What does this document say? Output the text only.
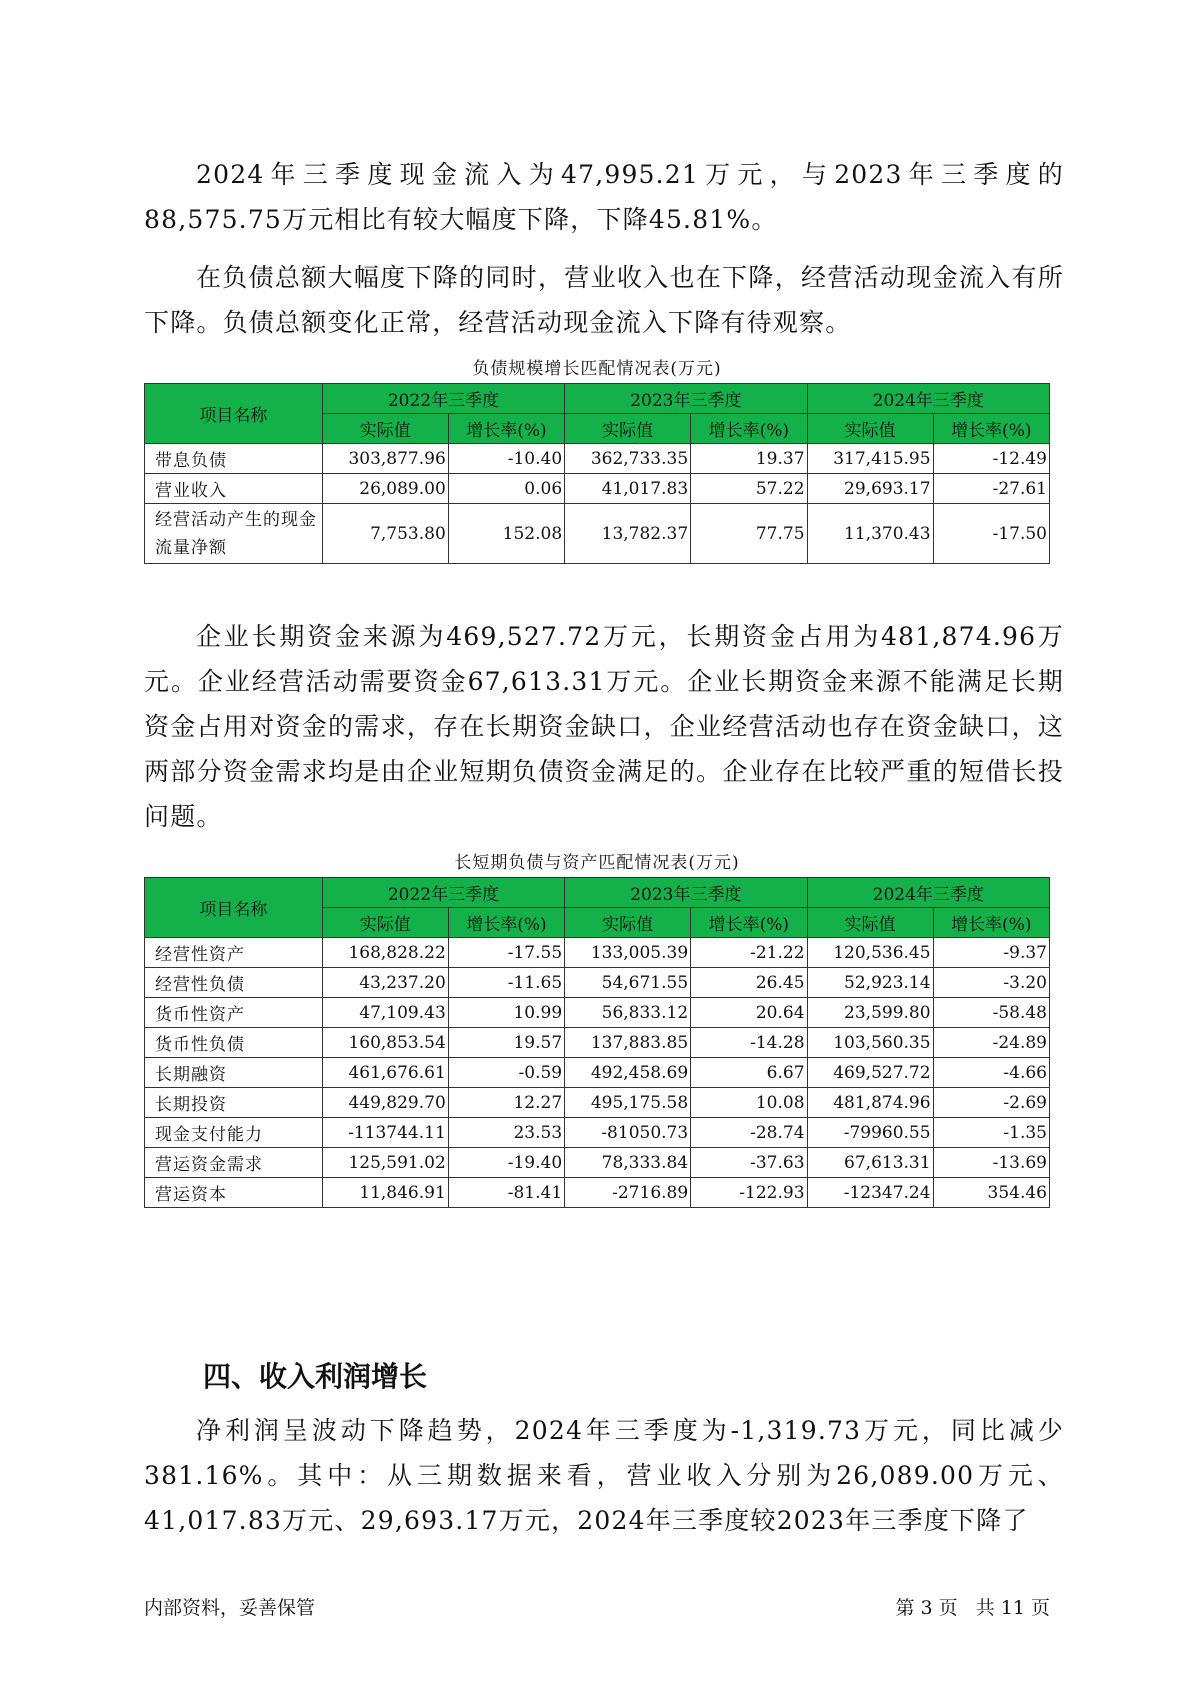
2024年三季度现金流入为47,995.21万元，与2023年三季度的88,575.75万元相比有较大幅度下降，下降45.81%。

在负债总额大幅度下降的同时，营业收入也在下降，经营活动现金流入有所下降。负债总额变化正常，经营活动现金流入下降有待观察。

负债规模增长匹配情况表(万元)
项目名称	2022年三季度		2023年三季度		2024年三季度	
	实际值	增长率(%)	实际值	增长率(%)	实际值	增长率(%)
带息负债	303,877.96	-10.40	362,733.35	19.37	317,415.95	-12.49
营业收入	26,089.00	0.06	41,017.83	57.22	29,693.17	-27.61
经营活动产生的现金流量净额	7,753.80	152.08	13,782.37	77.75	11,370.43	-17.50

企业长期资金来源为469,527.72万元，长期资金占用为481,874.96万元。企业经营活动需要资金67,613.31万元。企业长期资金来源不能满足长期资金占用对资金的需求，存在长期资金缺口，企业经营活动也存在资金缺口，这两部分资金需求均是由企业短期负债资金满足的。企业存在比较严重的短借长投问题。

长短期负债与资产匹配情况表(万元)
项目名称	2022年三季度		2023年三季度		2024年三季度	
	实际值	增长率(%)	实际值	增长率(%)	实际值	增长率(%)
经营性资产	168,828.22	-17.55	133,005.39	-21.22	120,536.45	-9.37
经营性负债	43,237.20	-11.65	54,671.55	26.45	52,923.14	-3.20
货币性资产	47,109.43	10.99	56,833.12	20.64	23,599.80	-58.48
货币性负债	160,853.54	19.57	137,883.85	-14.28	103,560.35	-24.89
长期融资	461,676.61	-0.59	492,458.69	6.67	469,527.72	-4.66
长期投资	449,829.70	12.27	495,175.58	10.08	481,874.96	-2.69
现金支付能力	-113744.11	23.53	-81050.73	-28.74	-79960.55	-1.35
营运资金需求	125,591.02	-19.40	78,333.84	-37.63	67,613.31	-13.69
营运资本	11,846.91	-81.41	-2716.89	-122.93	-12347.24	354.46
四、收入利润增长

净利润呈波动下降趋势，2024年三季度为-1,319.73万元，同比减少381.16%。其中：从三期数据来看，营业收入分别为26,089.00万元、41,017.83万元、29,693.17万元，2024年三季度较2023年三季度下降了

内部资料，妥善保管	第 3 页   共 11 页
